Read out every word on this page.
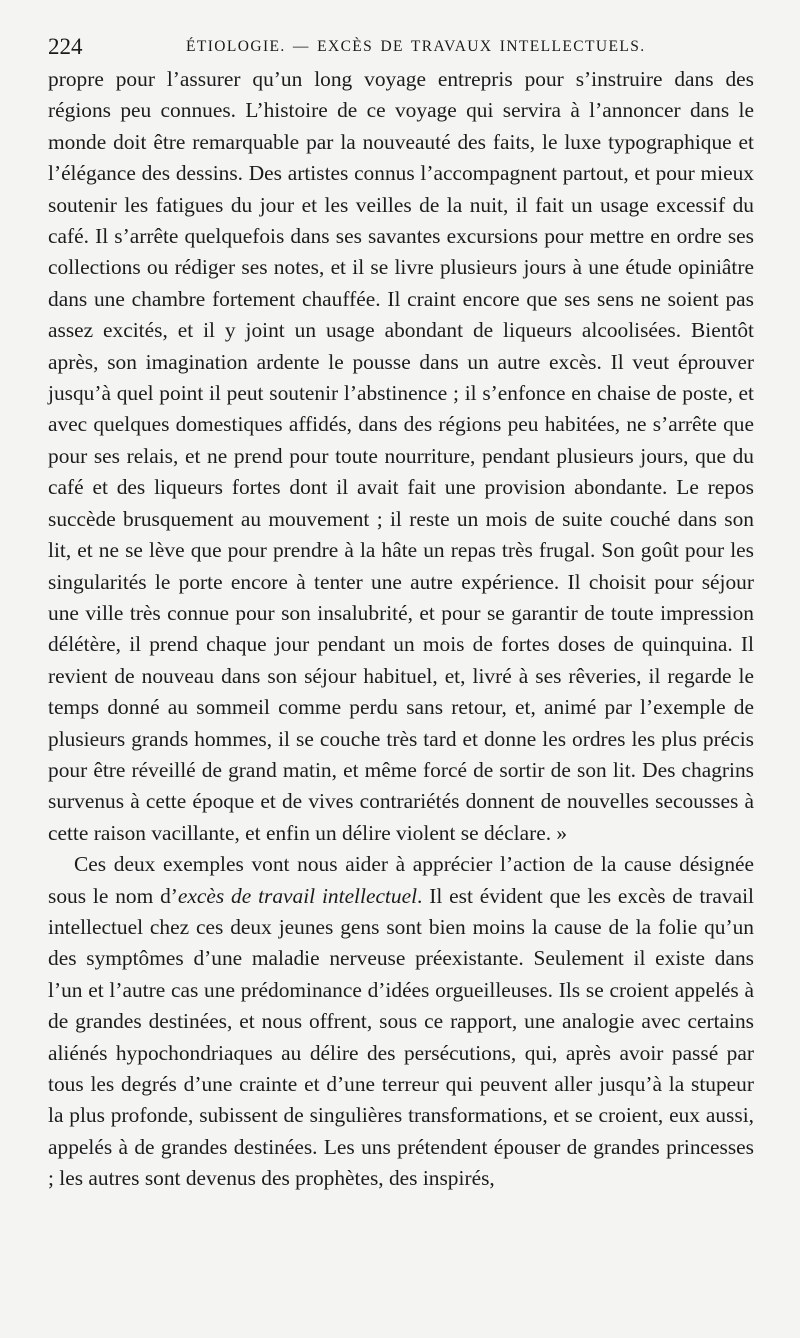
224	ÉTIOLOGIE. — EXCÈS DE TRAVAUX INTELLECTUELS.

propre pour l’assurer qu’un long voyage entrepris pour s’instruire dans des régions peu connues. L’histoire de ce voyage qui servira à l’annoncer dans le monde doit être remarquable par la nouveauté des faits, le luxe typographique et l’élégance des dessins. Des artistes connus l’accompagnent partout, et pour mieux soutenir les fatigues du jour et les veilles de la nuit, il fait un usage excessif du café. Il s’arrête quelquefois dans ses savantes excursions pour mettre en ordre ses collections ou rédiger ses notes, et il se livre plusieurs jours à une étude opiniâtre dans une chambre fortement chauffée. Il craint encore que ses sens ne soient pas assez excités, et il y joint un usage abondant de liqueurs alcoolisées. Bientôt après, son imagination ardente le pousse dans un autre excès. Il veut éprouver jusqu’à quel point il peut soutenir l’abstinence ; il s’enfonce en chaise de poste, et avec quelques domestiques affidés, dans des régions peu habitées, ne s’arrête que pour ses relais, et ne prend pour toute nourriture, pendant plusieurs jours, que du café et des liqueurs fortes dont il avait fait une provision abondante. Le repos succède brusquement au mouvement ; il reste un mois de suite couché dans son lit, et ne se lève que pour prendre à la hâte un repas très frugal. Son goût pour les singularités le porte encore à tenter une autre expérience. Il choisit pour séjour une ville très connue pour son insalubrité, et pour se garantir de toute impression délétère, il prend chaque jour pendant un mois de fortes doses de quinquina. Il revient de nouveau dans son séjour habituel, et, livré à ses rêveries, il regarde le temps donné au sommeil comme perdu sans retour, et, animé par l’exemple de plusieurs grands hommes, il se couche très tard et donne les ordres les plus précis pour être réveillé de grand matin, et même forcé de sortir de son lit. Des chagrins survenus à cette époque et de vives contrariétés donnent de nouvelles secousses à cette raison vacillante, et enfin un délire violent se déclare. »

Ces deux exemples vont nous aider à apprécier l’action de la cause désignée sous le nom d’excès de travail intellectuel. Il est évident que les excès de travail intellectuel chez ces deux jeunes gens sont bien moins la cause de la folie qu’un des symptômes d’une maladie nerveuse préexistante. Seulement il existe dans l’un et l’autre cas une prédominance d’idées orgueilleuses. Ils se croient appelés à de grandes destinées, et nous offrent, sous ce rapport, une analogie avec certains aliénés hypochondriaques au délire des persécutions, qui, après avoir passé par tous les degrés d’une crainte et d’une terreur qui peuvent aller jusqu’à la stupeur la plus profonde, subissent de singulières transformations, et se croient, eux aussi, appelés à de grandes destinées. Les uns prétendent épouser de grandes princesses ; les autres sont devenus des prophètes, des inspirés,
